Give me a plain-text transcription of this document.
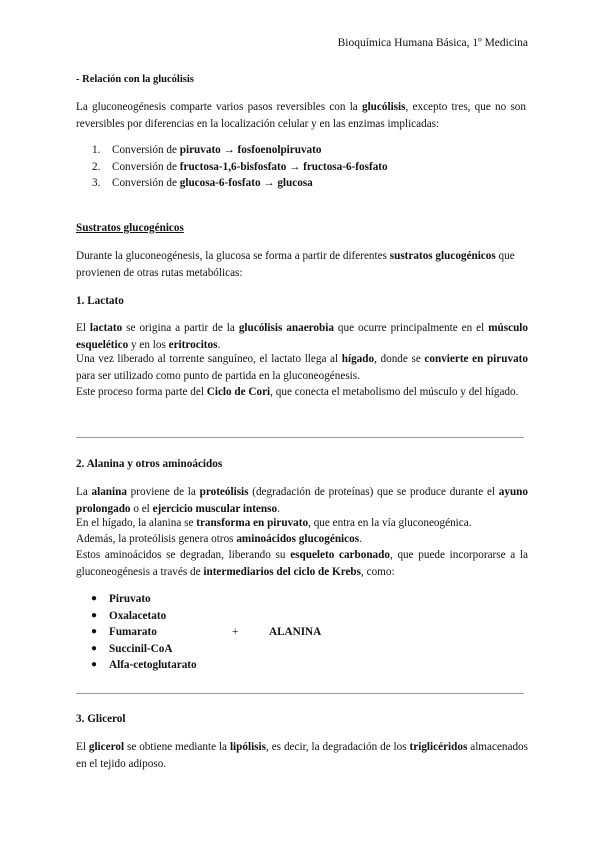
Bioquímica Humana Básica, 1º Medicina
- Relación con la glucólisis
La gluconeogénesis comparte varios pasos reversibles con la glucólisis, excepto tres, que no son reversibles por diferencias en la localización celular y en las enzimas implicadas:
1. Conversión de piruvato → fosfoenolpiruvato
2. Conversión de fructosa-1,6-bisfosfato → fructosa-6-fosfato
3. Conversión de glucosa-6-fosfato → glucosa
Sustratos glucogénicos
Durante la gluconeogénesis, la glucosa se forma a partir de diferentes sustratos glucogénicos que provienen de otras rutas metabólicas:
1. Lactato
El lactato se origina a partir de la glucólisis anaerobia que ocurre principalmente en el músculo esquelético y en los eritrocitos.
Una vez liberado al torrente sanguíneo, el lactato llega al hígado, donde se convierte en piruvato para ser utilizado como punto de partida en la gluconeogénesis.
Este proceso forma parte del Ciclo de Cori, que conecta el metabolismo del músculo y del hígado.
2. Alanina y otros aminoácidos
La alanina proviene de la proteólisis (degradación de proteínas) que se produce durante el ayuno prolongado o el ejercicio muscular intenso.
En el hígado, la alanina se transforma en piruvato, que entra en la vía gluconeogénica.
Además, la proteólisis genera otros aminoácidos glucogénicos.
Estos aminoácidos se degradan, liberando su esqueleto carbonado, que puede incorporarse a la gluconeogénesis a través de intermediarios del ciclo de Krebs, como:
● Piruvato
● Oxalacetato
● Fumarato
● Succinil-CoA
● Alfa-cetoglutarato
+	ALANINA
3. Glicerol
El glicerol se obtiene mediante la lipólisis, es decir, la degradación de los triglicéridos almacenados en el tejido adiposo.
